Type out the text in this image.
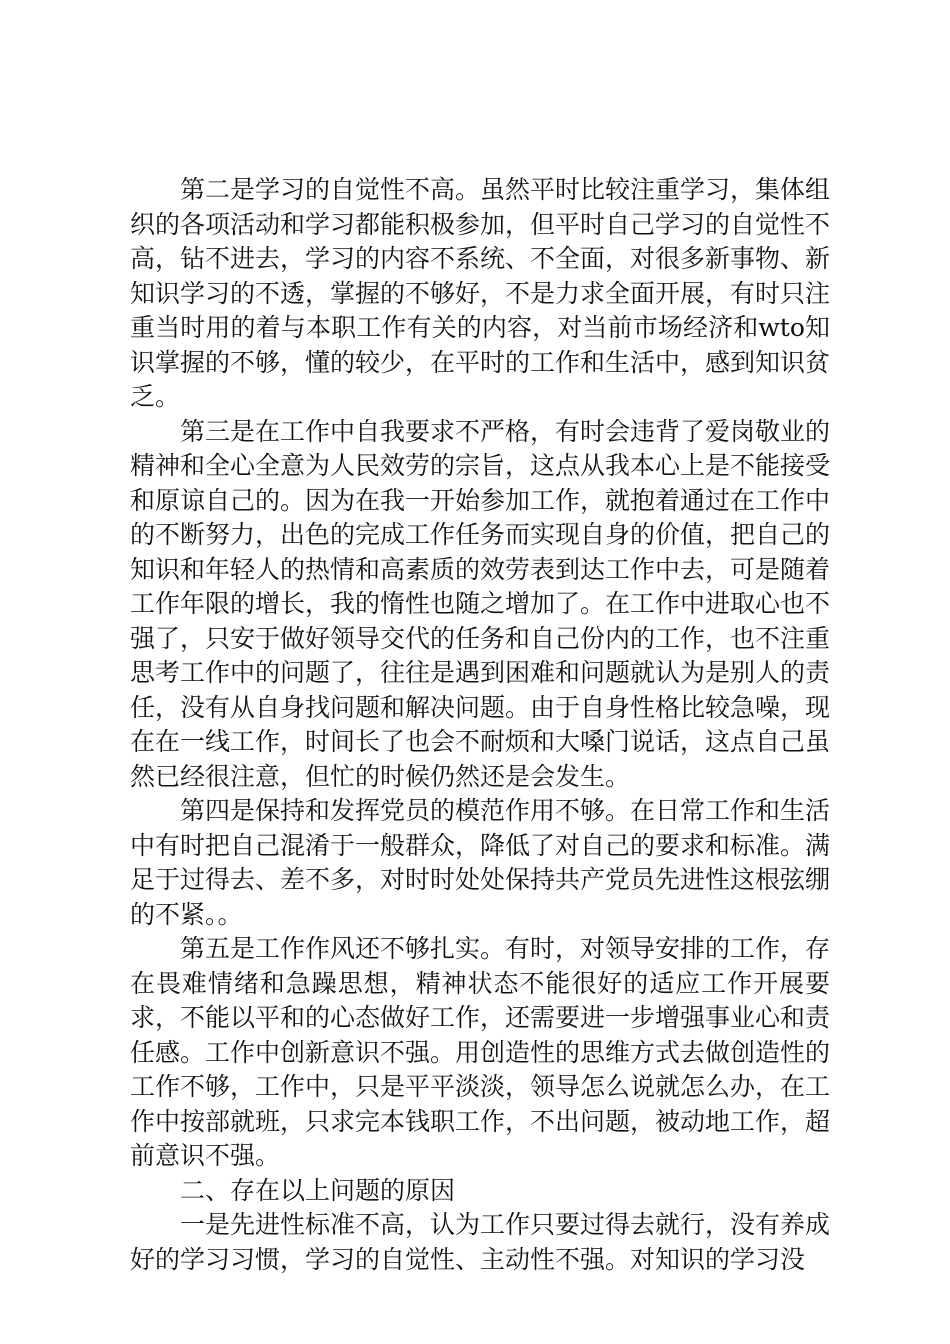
第二是学习的自觉性不高。虽然平时比较注重学习，集体组织的各项活动和学习都能积极参加，但平时自己学习的自觉性不高，钻不进去，学习的内容不系统、不全面，对很多新事物、新知识学习的不透，掌握的不够好，不是力求全面开展，有时只注重当时用的着与本职工作有关的内容，对当前市场经济和wto知识掌握的不够，懂的较少，在平时的工作和生活中，感到知识贫乏。

第三是在工作中自我要求不严格，有时会违背了爱岗敬业的精神和全心全意为人民效劳的宗旨，这点从我本心上是不能接受和原谅自己的。因为在我一开始参加工作，就抱着通过在工作中的不断努力，出色的完成工作任务而实现自身的价值，把自己的知识和年轻人的热情和高素质的效劳表到达工作中去，可是随着工作年限的增长，我的惰性也随之增加了。在工作中进取心也不强了，只安于做好领导交代的任务和自己份内的工作，也不注重思考工作中的问题了，往往是遇到困难和问题就认为是别人的责任，没有从自身找问题和解决问题。由于自身性格比较急噪，现在在一线工作，时间长了也会不耐烦和大嗓门说话，这点自己虽然已经很注意，但忙的时候仍然还是会发生。

第四是保持和发挥党员的模范作用不够。在日常工作和生活中有时把自己混淆于一般群众，降低了对自己的要求和标准。满足于过得去、差不多，对时时处处保持共产党员先进性这根弦绷的不紧。。

第五是工作作风还不够扎实。有时，对领导安排的工作，存在畏难情绪和急躁思想，精神状态不能很好的适应工作开展要求，不能以平和的心态做好工作，还需要进一步增强事业心和责任感。工作中创新意识不强。用创造性的思维方式去做创造性的工作不够，工作中，只是平平淡淡，领导怎么说就怎么办，在工作中按部就班，只求完本钱职工作，不出问题，被动地工作，超前意识不强。

二、存在以上问题的原因

一是先进性标准不高，认为工作只要过得去就行，没有养成好的学习习惯，学习的自觉性、主动性不强。对知识的学习没
